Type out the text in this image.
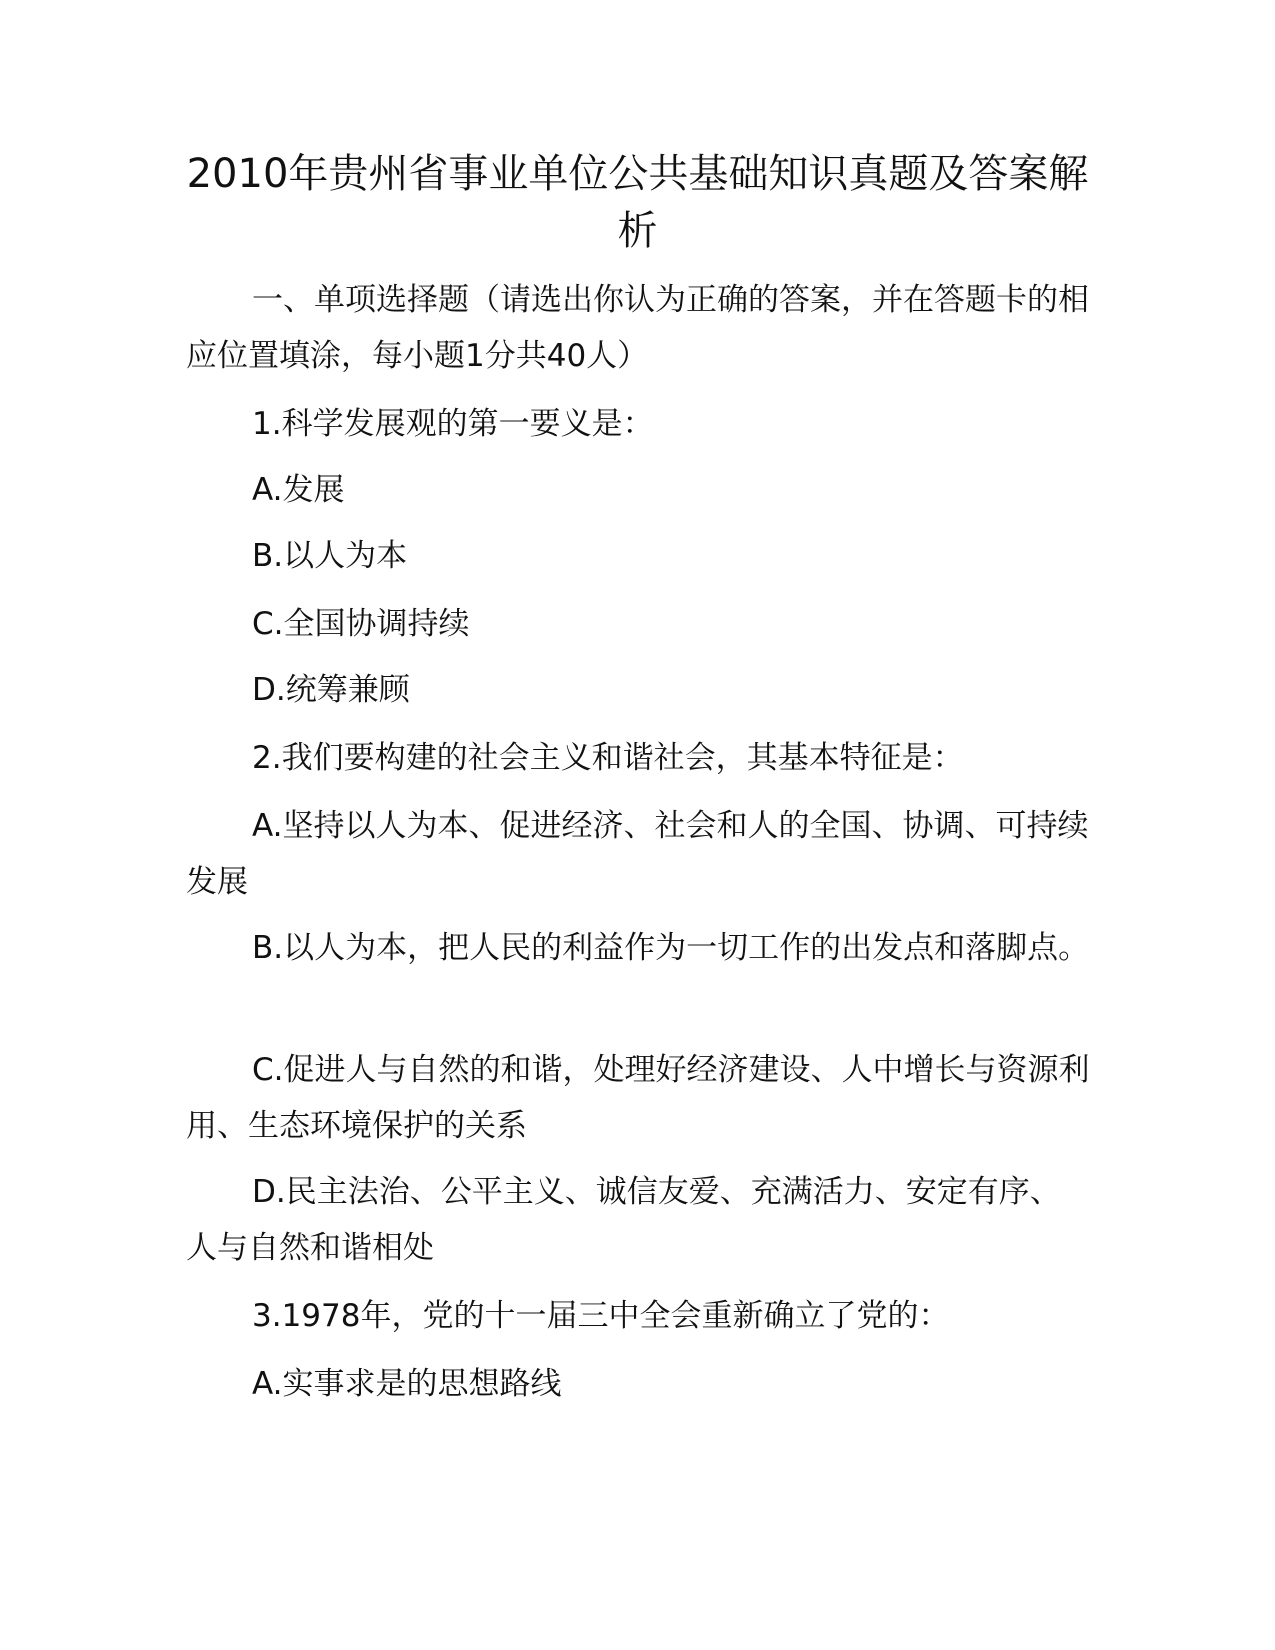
2010年贵州省事业单位公共基础知识真题及答案解析

一、单项选择题（请选出你认为正确的答案，并在答题卡的相应位置填涂，每小题1分共40人）

1.科学发展观的第一要义是：

A.发展

B.以人为本

C.全国协调持续

D.统筹兼顾

2.我们要构建的社会主义和谐社会，其基本特征是：

A.坚持以人为本、促进经济、社会和人的全国、协调、可持续发展

B.以人为本，把人民的利益作为一切工作的出发点和落脚点。

C.促进人与自然的和谐，处理好经济建设、人中增长与资源利用、生态环境保护的关系

D.民主法治、公平主义、诚信友爱、充满活力、安定有序、人与自然和谐相处

3.1978年，党的十一届三中全会重新确立了党的：

A.实事求是的思想路线
